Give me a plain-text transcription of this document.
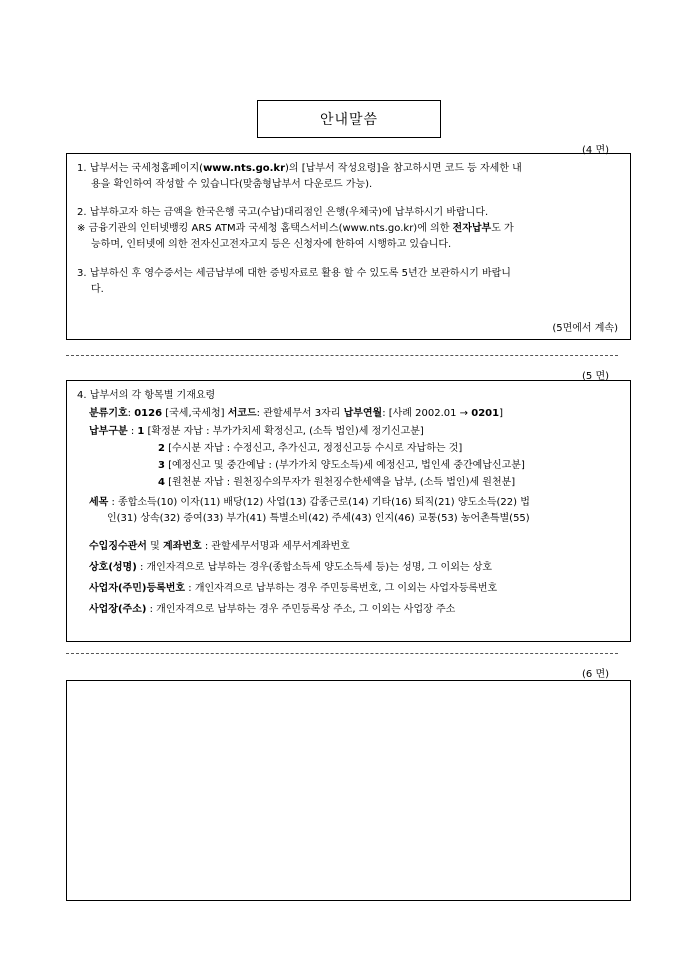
안내말씀
(4 면)
1. 납부서는 국세청홈페이지(www.nts.go.kr)의 [납부서 작성요령]을 참고하시면 코드 등 자세한 내
용을 확인하여 작성할 수 있습니다(맞춤형납부서 다운로드 가능).
2. 납부하고자 하는 금액을 한국은행 국고(수납)대리점인 은행(우체국)에 납부하시기 바랍니다.
※ 금융기관의 인터넷뱅킹 ARS ATM과 국세청 홈택스서비스(www.nts.go.kr)에 의한 전자납부도 가
능하며, 인터넷에 의한 전자신고전자고지 등은 신청자에 한하여 시행하고 있습니다.
3. 납부하신 후 영수증서는 세금납부에 대한 증빙자료로 활용 할 수 있도록 5년간 보관하시기 바랍니
다.
(5면에서 계속)
(5 면)
4. 납부서의 각 항목별 기재요령
분류기호: 0126 [국세,국세청] 서코드: 관할세무서 3자리 납부연월: [사례 2002.01 → 0201]
납부구분 : 1 [확정분 자납 : 부가가치세 확정신고, (소득 법인)세 정기신고분]
2 [수시분 자납 : 수정신고, 추가신고, 정정신고등 수시로 자납하는 것]
3 [예정신고 및 중간예납 : (부가가치 양도소득)세 예정신고, 법인세 중간예납신고분]
4 [원천분 자납 : 원천징수의무자가 원천징수한세액을 납부, (소득 법인)세 원천분]
세목 : 종합소득(10) 이자(11) 배당(12) 사업(13) 갑종근로(14) 기타(16) 퇴직(21) 양도소득(22) 법
인(31) 상속(32) 증여(33) 부가(41) 특별소비(42) 주세(43) 인지(46) 교통(53) 농어촌특별(55)
수입징수관서 및 계좌번호 : 관할세무서명과 세무서계좌번호
상호(성명) : 개인자격으로 납부하는 경우(종합소득세 양도소득세 등)는 성명, 그 이외는 상호
사업자(주민)등록번호 : 개인자격으로 납부하는 경우 주민등록번호, 그 이외는 사업자등록번호
사업장(주소) : 개인자격으로 납부하는 경우 주민등록상 주소, 그 이외는 사업장 주소
(6 면)
